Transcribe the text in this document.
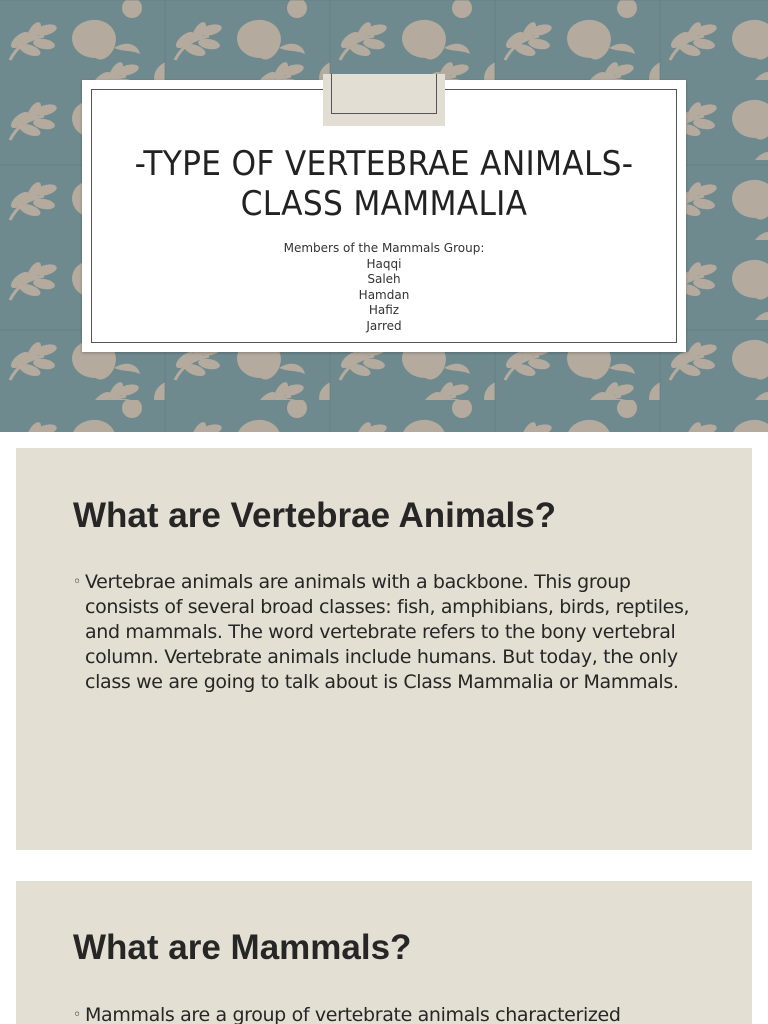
-TYPE OF VERTEBRAE ANIMALS-
CLASS MAMMALIA
Members of the Mammals Group:
Haqqi
Saleh
Hamdan
Hafiz
Jarred
What are Vertebrae Animals?
◦ Vertebrae animals are animals with a backbone. This group consists of several broad classes: fish, amphibians, birds, reptiles, and mammals. The word vertebrate refers to the bony vertebral column. Vertebrate animals include humans. But today, the only class we are going to talk about is Class Mammalia or Mammals.
What are Mammals?
◦ Mammals are a group of vertebrate animals characterized
